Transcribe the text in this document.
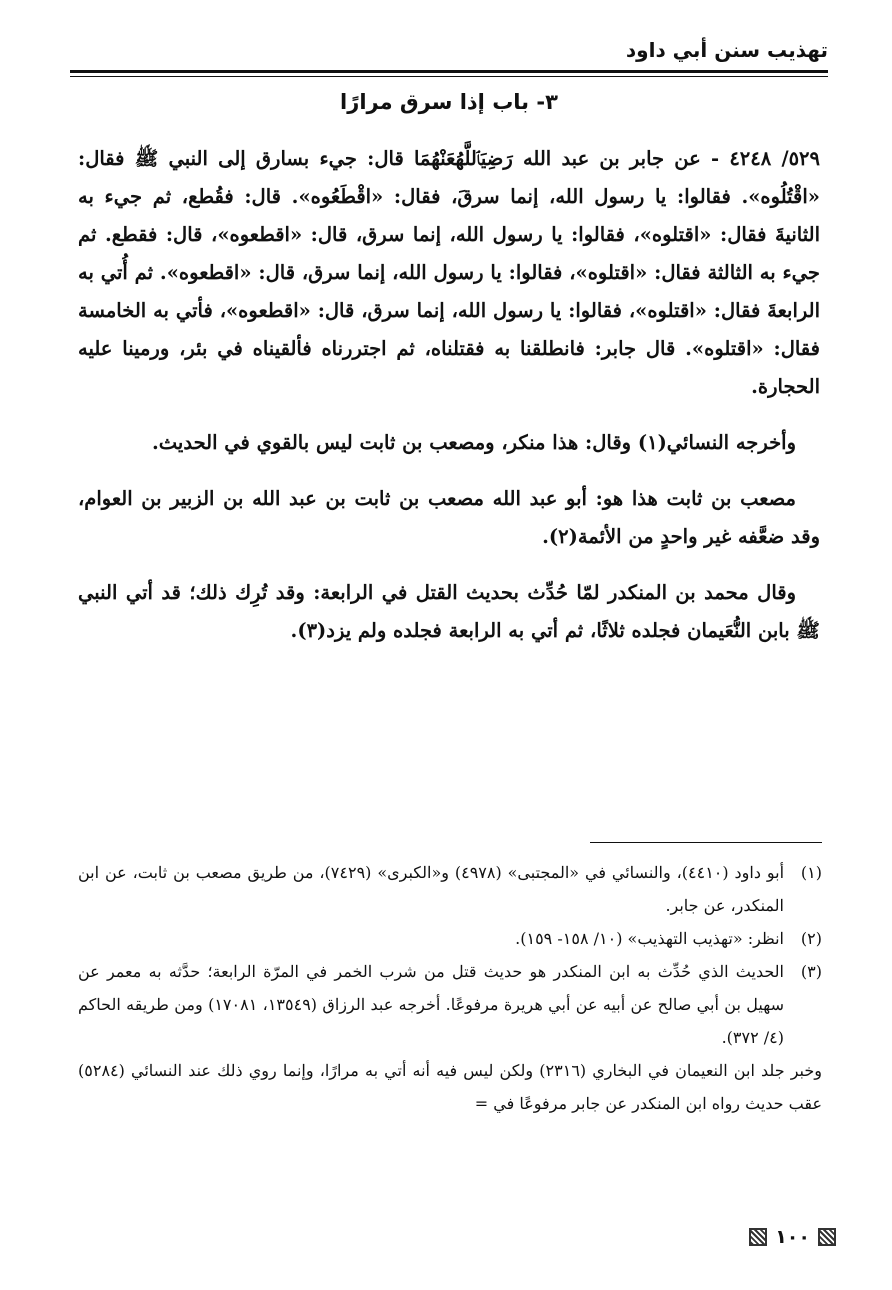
تهذيب سنن أبي داود
٣- باب إذا سرق مرارًا

٥٢٩/ ٤٢٤٨ - عن جابر بن عبد الله رَضِيَٱللَّهُعَنْهُمَا قال: جيء بسارق إلى النبي ﷺ فقال: «اقْتُلُوه». فقالوا: يا رسول الله، إنما سرقَ، فقال: «اقْطَعُوه». قال: فقُطع، ثم جيء به الثانيةَ فقال: «اقتلوه»، فقالوا: يا رسول الله، إنما سرق، قال: «اقطعوه»، قال: فقطع. ثم جيء به الثالثة فقال: «اقتلوه»، فقالوا: يا رسول الله، إنما سرق، قال: «اقطعوه». ثم أُتي به الرابعةَ فقال: «اقتلوه»، فقالوا: يا رسول الله، إنما سرق، قال: «اقطعوه»، فأتي به الخامسة فقال: «اقتلوه». قال جابر: فانطلقنا به فقتلناه، ثم اجتررناه فألقيناه في بئر، ورمينا عليه الحجارة.

وأخرجه النسائي(١) وقال: هذا منكر، ومصعب بن ثابت ليس بالقوي في الحديث.

مصعب بن ثابت هذا هو: أبو عبد الله مصعب بن ثابت بن عبد الله بن الزبير بن العوام، وقد ضعَّفه غير واحدٍ من الأئمة(٢).

وقال محمد بن المنكدر لمّا حُدِّث بحديث القتل في الرابعة: وقد تُرِك ذلك؛ قد أتي النبي ﷺ بابن النُّعَيمان فجلده ثلاثًا، ثم أتي به الرابعة فجلده ولم يزد(٣).

(١)
أبو داود (٤٤١٠)، والنسائي في «المجتبى» (٤٩٧٨) و«الكبرى» (٧٤٢٩)، من طريق مصعب بن ثابت، عن ابن المنكدر، عن جابر.
(٢)
انظر: «تهذيب التهذيب» (١٠/ ١٥٨- ١٥٩).
(٣)
الحديث الذي حُدِّث به ابن المنكدر هو حديث قتل من شرب الخمر في المرّة الرابعة؛ حدَّثه به معمر عن سهيل بن أبي صالح عن أبيه عن أبي هريرة مرفوعًا. أخرجه عبد الرزاق (١٣٥٤٩، ١٧٠٨١) ومن طريقه الحاكم (٤/ ٣٧٢).

وخبر جلد ابن النعيمان في البخاري (٢٣١٦) ولكن ليس فيه أنه أتي به مرارًا، وإنما روي ذلك عند النسائي (٥٢٨٤) عقب حديث رواه ابن المنكدر عن جابر مرفوعًا في =

١٠٠
